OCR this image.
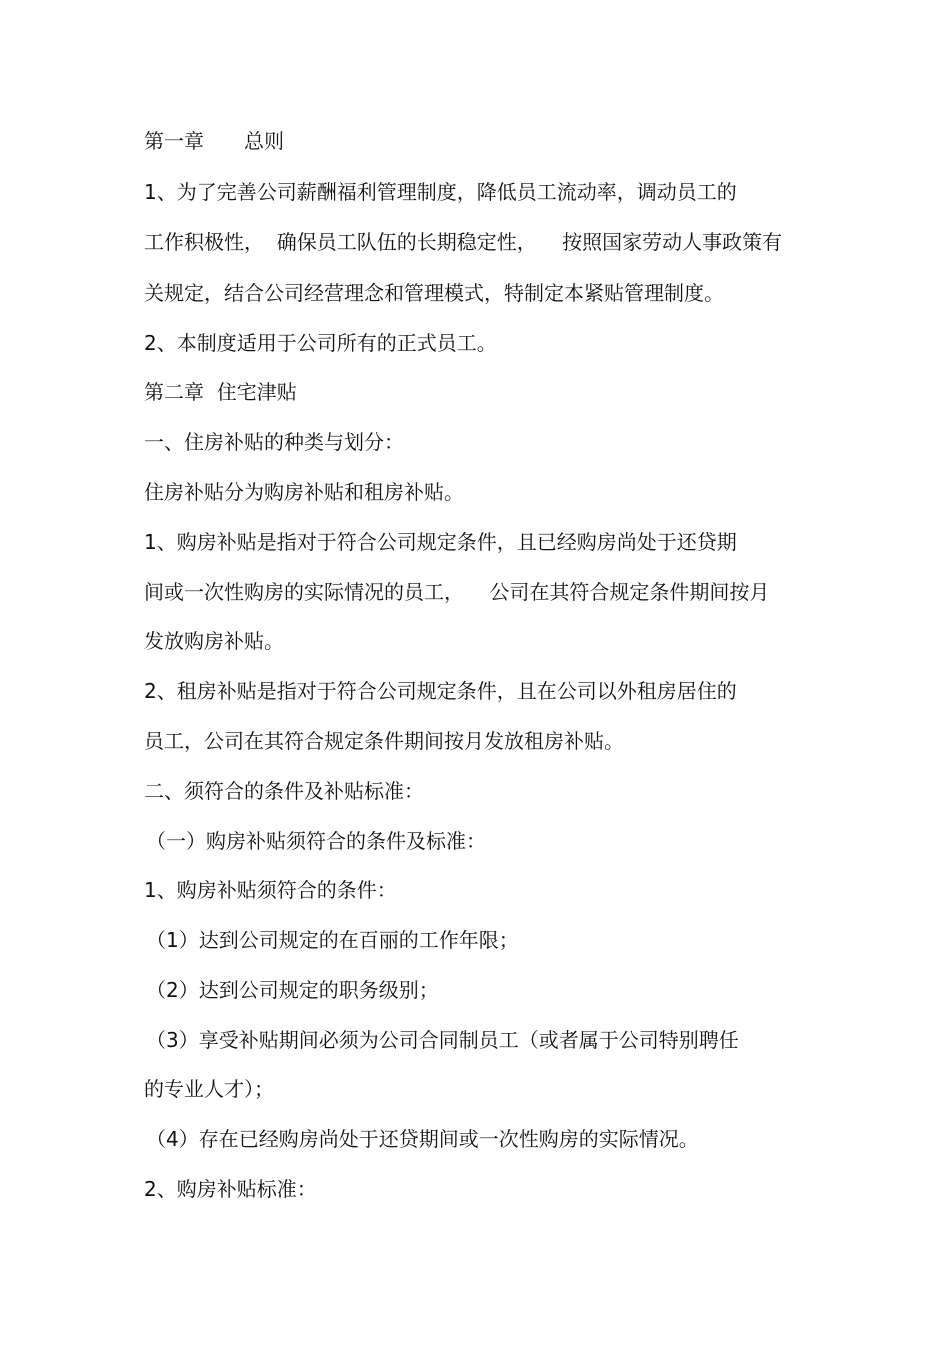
第一章　　总则
1、为了完善公司薪酬福利管理制度，降低员工流动率，调动员工的
工作积极性，  确保员工队伍的长期稳定性，    按照国家劳动人事政策有
关规定，结合公司经营理念和管理模式，特制定本紧贴管理制度。
2、本制度适用于公司所有的正式员工。
第二章  住宅津贴
一、住房补贴的种类与划分：
住房补贴分为购房补贴和租房补贴。
1、购房补贴是指对于符合公司规定条件，且已经购房尚处于还贷期
间或一次性购房的实际情况的员工，    公司在其符合规定条件期间按月
发放购房补贴。
2、租房补贴是指对于符合公司规定条件，且在公司以外租房居住的
员工，公司在其符合规定条件期间按月发放租房补贴。
二、须符合的条件及补贴标准：
（一）购房补贴须符合的条件及标准：
1、购房补贴须符合的条件：
（1）达到公司规定的在百丽的工作年限；
（2）达到公司规定的职务级别；
（3）享受补贴期间必须为公司合同制员工（或者属于公司特别聘任
的专业人才）；
（4）存在已经购房尚处于还贷期间或一次性购房的实际情况。
2、购房补贴标准：
